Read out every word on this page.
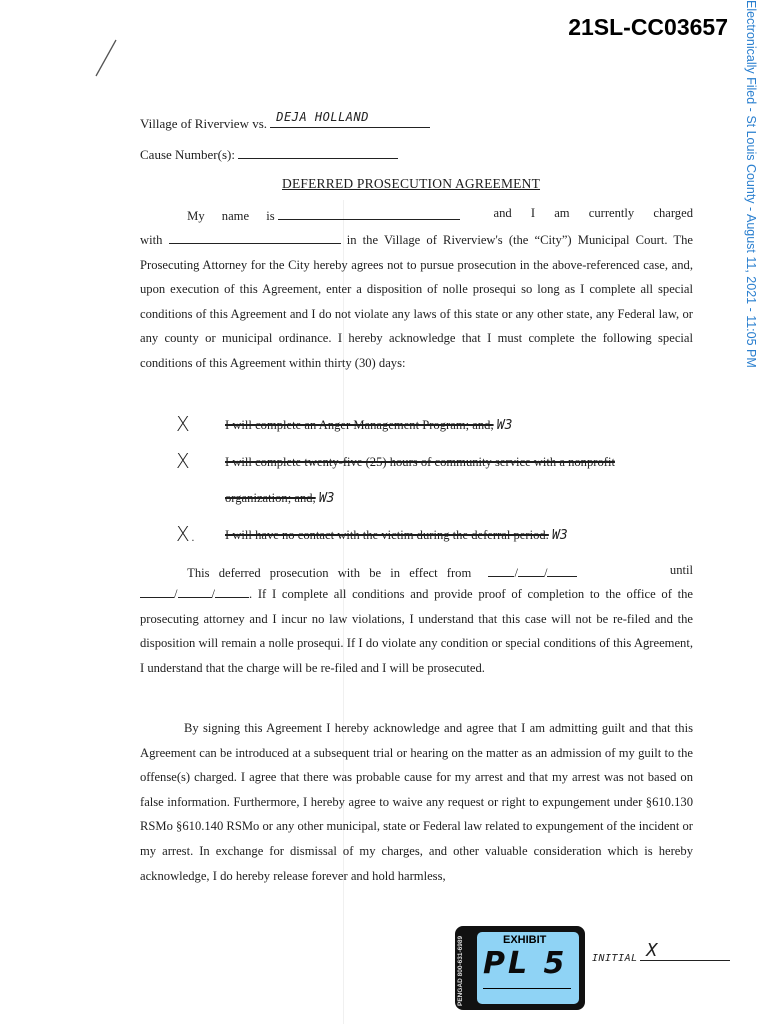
21SL-CC03657 Electronically Filed - St Louis County - August 11, 2021 - 11:05 PM
Village of Riverview vs. DEJA HOLLAND
Cause Number(s):
DEFERRED PROSECUTION AGREEMENT
My name is	and I am currently charged
with	in the Village of Riverview's (the “City”) Municipal Court. The Prosecuting Attorney for the City hereby agrees not to pursue prosecution in the above-referenced case, and, upon execution of this Agreement, enter a disposition of nolle prosequi so long as I complete all special conditions of this Agreement and I do not violate any laws of this state or any other state, any Federal law, or any county or municipal ordinance. I hereby acknowledge that I must complete the following special conditions of this Agreement within thirty (30) days:
X	I will complete an Anger Management Program; and, W3
X	I will complete twenty-five (25) hours of community service with a nonprofit
organization; and, W3
X. I will have no contact with the victim during the deferral period. W3
This deferred prosecution with be in effect from	/ /	until
/	/	. If I complete all conditions and provide proof of completion to the office of the prosecuting attorney and I incur no law violations, I understand that this case will not be re-filed and the disposition will remain a nolle prosequi. If I do violate any condition or special conditions of this Agreement, I understand that the charge will be re-filed and I will be prosecuted.
By signing this Agreement I hereby acknowledge and agree that I am admitting guilt and that this Agreement can be introduced at a subsequent trial or hearing on the matter as an admission of my guilt to the offense(s) charged. I agree that there was probable cause for my arrest and that my arrest was not based on false information. Furthermore, I hereby agree to waive any request or right to expungement under §610.130 RSMo §610.140 RSMo or any other municipal, state or Federal law related to expungement of the incident or my arrest. In exchange for dismissal of my charges, and other valuable consideration which is hereby acknowledge, I do hereby release forever and hold harmless,
PENGAD 800-631-6989	EXHIBIT
PL 5 INITIAL X
